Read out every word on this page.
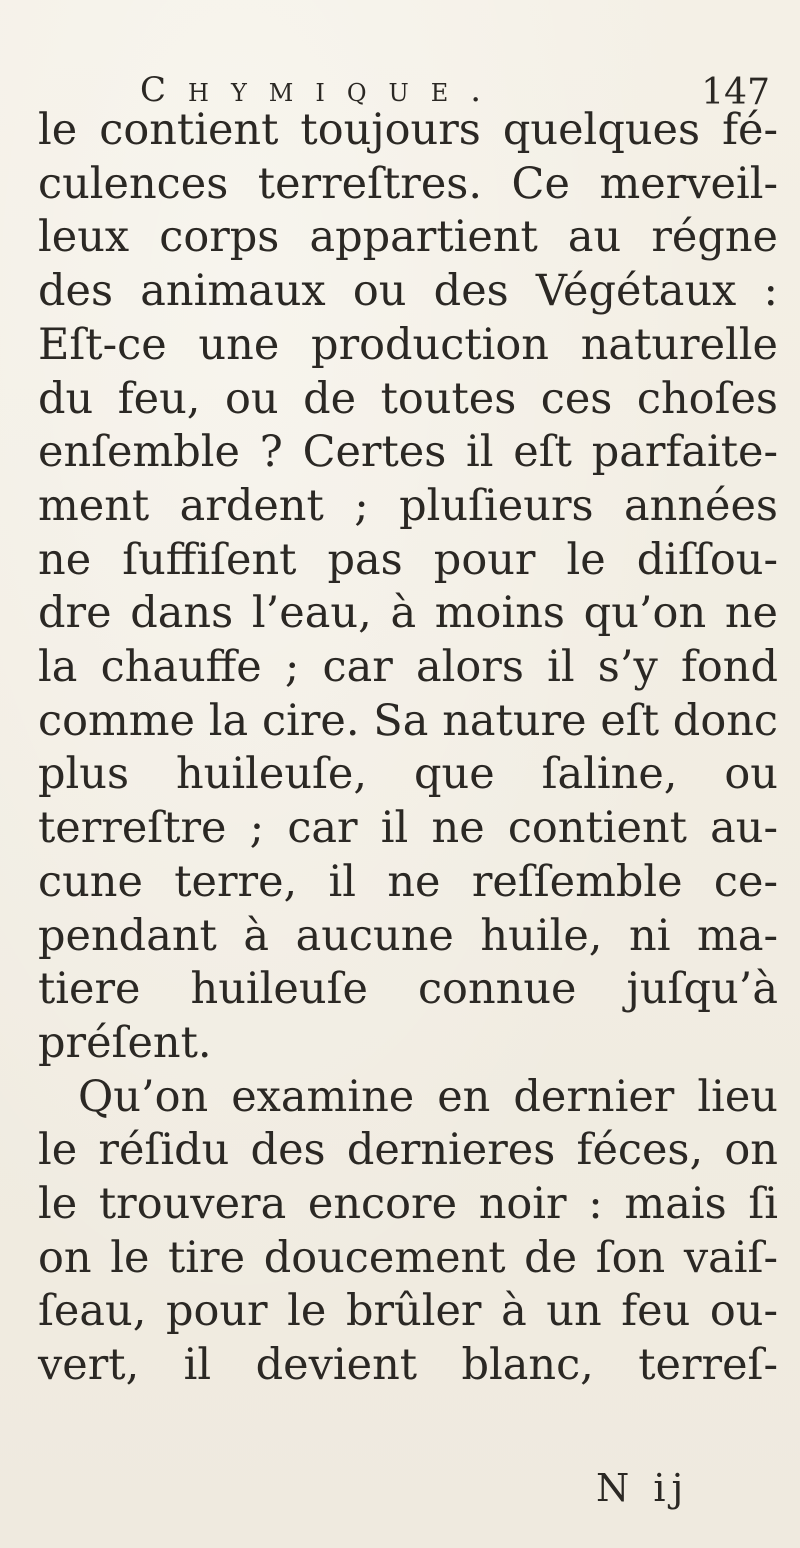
Chymique.	147
le contient toujours quelques fé-
culences terreſtres. Ce merveil-
leux corps appartient au régne
des animaux ou des Végétaux :
Eſt-ce une production naturelle
du feu, ou de toutes ces choſes
enſemble ? Certes il eſt parfaite-
ment ardent ; pluſieurs années
ne ſuffiſent pas pour le diſſou-
dre dans l’eau, à moins qu’on ne
la chauffe ; car alors il s’y fond
comme la cire. Sa nature eſt donc
plus huileuſe, que ſaline, ou
terreſtre ; car il ne contient au-
cune terre, il ne reſſemble ce-
pendant à aucune huile, ni ma-
tiere huileuſe connue juſqu’à
préſent.
Qu’on examine en dernier lieu
le réſidu des dernieres féces, on
le trouvera encore noir : mais ſi
on le tire doucement de ſon vaiſ-
ſeau, pour le brûler à un feu ou-
vert, il devient blanc, terreſ-
N ij
